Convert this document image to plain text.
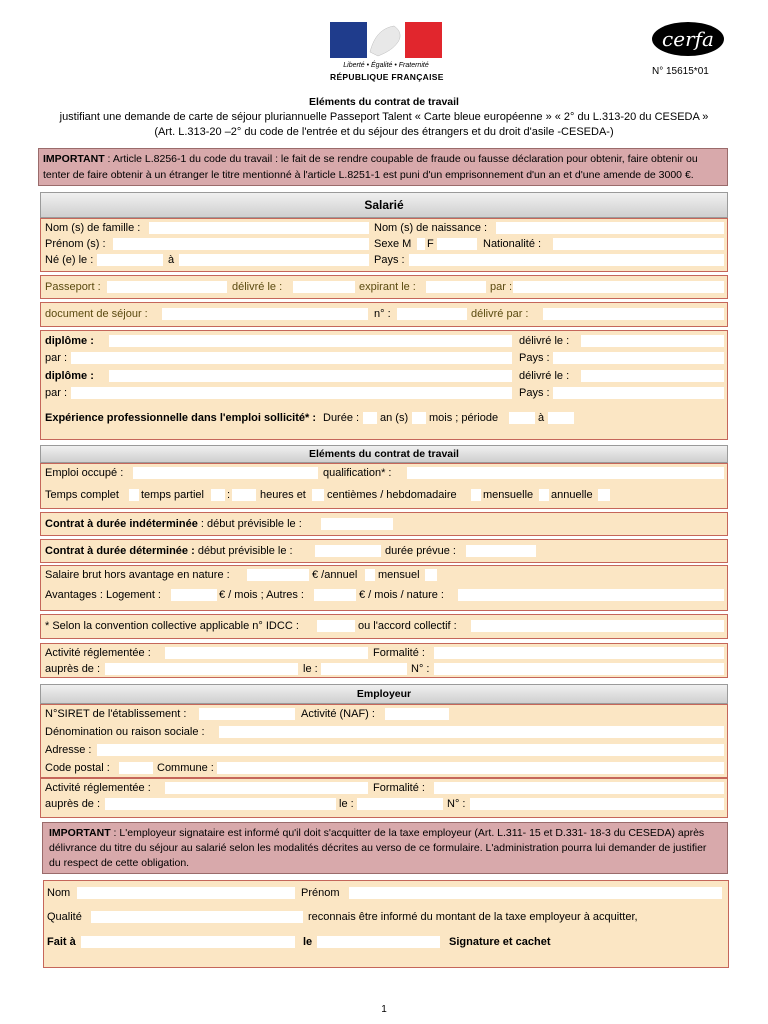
Liberté • Égalité • Fraternité
RÉPUBLIQUE FRANÇAISE
cerfa
N° 15615*01
Eléments du contrat de travail
justifiant une demande de carte de séjour pluriannuelle Passeport Talent « Carte bleue européenne » « 2° du L.313-20 du CESEDA »
(Art. L.313-20 –2° du code de l'entrée et du séjour des étrangers et du droit d'asile -CESEDA-)
IMPORTANT : Article L.8256-1 du code du travail : le fait de se rendre coupable de fraude ou fausse déclaration pour obtenir, faire obtenir ou tenter de faire obtenir à un étranger le titre mentionné à l'article L.8251-1 est puni d'un emprisonnement d'un an et d'une amende de 3000 €.
Salarié
Nom (s) de famille :	Nom (s) de naissance :
Prénom (s) :	Sexe M F	Nationalité :
Né (e) le :	à	Pays :
Passeport :	délivré le :	expirant le :	par :
document de séjour :	n° :	délivré par :
diplôme :	délivré le :
par :	Pays :
diplôme :	délivré le :
par :	Pays :
Expérience professionnelle dans l'emploi sollicité* : Durée : an (s) mois ; période	à
Eléments du contrat de travail
Emploi occupé :	qualification* :
Temps complet temps partiel :	heures et centièmes / hebdomadaire mensuelle annuelle
Contrat à durée indéterminée : début prévisible le :
Contrat à durée déterminée : début prévisible le :	durée prévue :
Salaire brut hors avantage en nature :	€ /annuel mensuel
Avantages : Logement :	€ / mois ; Autres :	€ / mois / nature :
* Selon la convention collective applicable n° IDCC :	ou l'accord collectif :
Activité réglementée :	Formalité :
auprès de :	le :	N° :
Employeur
N°SIRET de l'établissement :	Activité (NAF) :
Dénomination ou raison sociale :
Adresse :
Code postal :	Commune :
Activité réglementée :	Formalité :
auprès de :	le :	N° :
IMPORTANT : L'employeur signataire est informé qu'il doit s'acquitter de la taxe employeur (Art. L.311- 15 et D.331- 18-3 du CESEDA) après délivrance du titre du séjour au salarié selon les modalités décrites au verso de ce formulaire. L'administration pourra lui demander de justifier du respect de cette obligation.
Nom	Prénom
Qualité	reconnais être informé du montant de la taxe employeur à acquitter,
Fait à	le	Signature et cachet
1
